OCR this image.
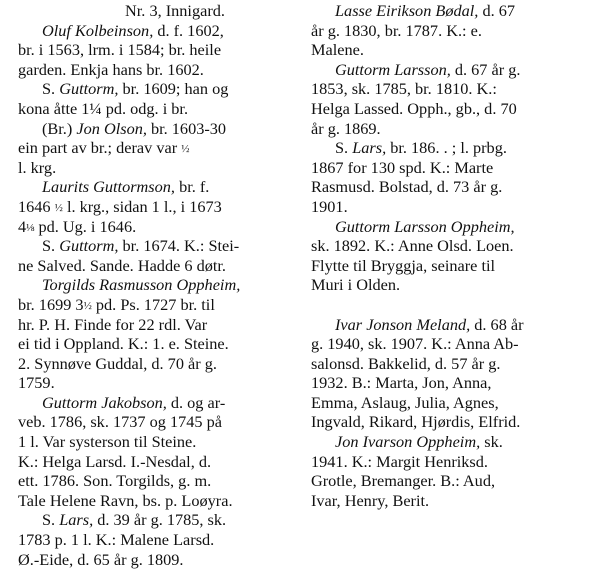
Nr. 3, Innigard.
Oluf Kolbeinson, d. f. 1602,
br. i 1563, lrm. i 1584; br. heile
garden. Enkja hans br. 1602.
S. Guttorm, br. 1609; han og
kona åtte 1¼ pd. odg. i br.
(Br.) Jon Olson, br. 1603-30
ein part av br.; derav var ½
l. krg.
Laurits Guttormson, br. f.
1646 ½ l. krg., sidan 1 l., i 1673
4⅛ pd. Ug. i 1646.
S. Guttorm, br. 1674. K.: Stei-
ne Salved. Sande. Hadde 6 døtr.
Torgilds Rasmusson Oppheim,
br. 1699 3½ pd. Ps. 1727 br. til
hr. P. H. Finde for 22 rdl. Var
ei tid i Oppland. K.: 1. e. Steine.
2. Synnøve Guddal, d. 70 år g.
1759.
Guttorm Jakobson, d. og ar-
veb. 1786, sk. 1737 og 1745 på
1 l. Var systerson til Steine.
K.: Helga Larsd. I.-Nesdal, d.
ett. 1786. Son. Torgilds, g. m.
Tale Helene Ravn, bs. p. Loøyra.
S. Lars, d. 39 år g. 1785, sk.
1783 p. 1 l. K.: Malene Larsd.
Ø.-Eide, d. 65 år g. 1809.
Lasse Eirikson Bødal, d. 67
år g. 1830, br. 1787. K.: e.
Malene.
Guttorm Larsson, d. 67 år g.
1853, sk. 1785, br. 1810. K.:
Helga Lassed. Opph., gb., d. 70
år g. 1869.
S. Lars, br. 186. . ; l. prbg.
1867 for 130 spd. K.: Marte
Rasmusd. Bolstad, d. 73 år g.
1901.
Guttorm Larsson Oppheim,
sk. 1892. K.: Anne Olsd. Loen.
Flytte til Bryggja, seinare til
Muri i Olden.
Ivar Jonson Meland, d. 68 år
g. 1940, sk. 1907. K.: Anna Ab-
salonsd. Bakkelid, d. 57 år g.
1932. B.: Marta, Jon, Anna,
Emma, Aslaug, Julia, Agnes,
Ingvald, Rikard, Hjørdis, Elfrid.
Jon Ivarson Oppheim, sk.
1941. K.: Margit Henriksd.
Grotle, Bremanger. B.: Aud,
Ivar, Henry, Berit.
